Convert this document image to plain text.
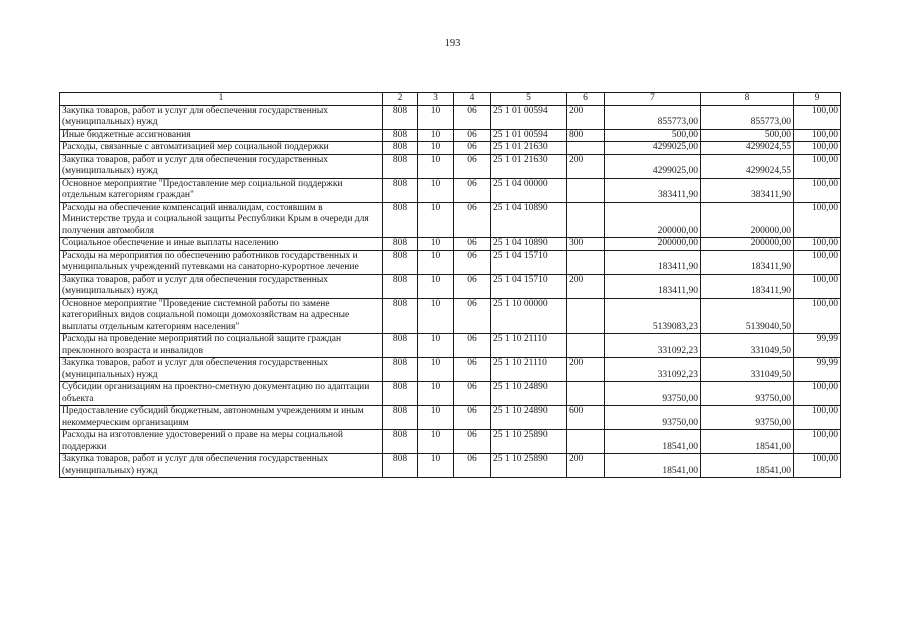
193
1	2	3	4	5	6	7	8	9
Закупка товаров, работ и услуг для обеспечения государственных (муниципальных) нужд	808	10	06	25 1 01 00594	200	855773,00	855773,00	100,00
Иные бюджетные ассигнования	808	10	06	25 1 01 00594	800	500,00	500,00	100,00
Расходы, связанные с автоматизацией мер социальной поддержки	808	10	06	25 1 01 21630		4299025,00	4299024,55	100,00
Закупка товаров, работ и услуг для обеспечения государственных (муниципальных) нужд	808	10	06	25 1 01 21630	200	4299025,00	4299024,55	100,00
Основное мероприятие "Предоставление мер социальной поддержки отдельным категориям граждан"	808	10	06	25 1 04 00000		383411,90	383411,90	100,00
Расходы на обеспечение компенсаций инвалидам, состоявшим в Министерстве труда и социальной защиты Республики Крым в очереди для получения автомобиля	808	10	06	25 1 04 10890		200000,00	200000,00	100,00
Социальное обеспечение и иные выплаты населению	808	10	06	25 1 04 10890	300	200000,00	200000,00	100,00
Расходы на мероприятия по обеспечению работников государственных и муниципальных учреждений путевками на санаторно-курортное лечение	808	10	06	25 1 04 15710		183411,90	183411,90	100,00
Закупка товаров, работ и услуг для обеспечения государственных (муниципальных) нужд	808	10	06	25 1 04 15710	200	183411,90	183411,90	100,00
Основное мероприятие "Проведение системной работы по замене категорийных видов социальной помощи домохозяйствам на адресные выплаты отдельным категориям населения"	808	10	06	25 1 10 00000		5139083,23	5139040,50	100,00
Расходы на проведение мероприятий по социальной защите граждан преклонного возраста и инвалидов	808	10	06	25 1 10 21110		331092,23	331049,50	99,99
Закупка товаров, работ и услуг для обеспечения государственных (муниципальных) нужд	808	10	06	25 1 10 21110	200	331092,23	331049,50	99,99
Субсидии организациям на проектно-сметную документацию по адаптации объекта	808	10	06	25 1 10 24890		93750,00	93750,00	100,00
Предоставление субсидий бюджетным, автономным учреждениям и иным некоммерческим организациям	808	10	06	25 1 10 24890	600	93750,00	93750,00	100,00
Расходы на изготовление удостоверений о праве на меры социальной поддержки	808	10	06	25 1 10 25890		18541,00	18541,00	100,00
Закупка товаров, работ и услуг для обеспечения государственных (муниципальных) нужд	808	10	06	25 1 10 25890	200	18541,00	18541,00	100,00
